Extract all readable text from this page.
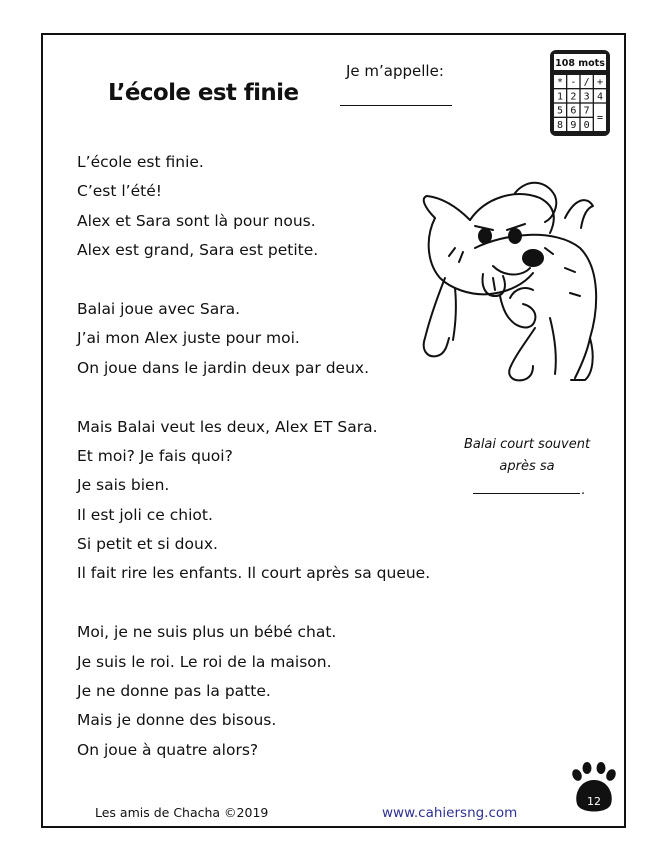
L’école est finie
Je m’appelle:	108 mots
* - / +
1 2 3 4
5 6 7
=
8 9 0
L’école est finie.
C’est l’été!
Alex et Sara sont là pour nous.
Alex est grand, Sara est petite.
Balai joue avec Sara.
J’ai mon Alex juste pour moi.
On joue dans le jardin deux par deux.
Mais Balai veut les deux, Alex ET Sara.
Et moi? Je fais quoi?
Je sais bien.
Il est joli ce chiot.
Si petit et si doux.
Il fait rire les enfants. Il court après sa queue.
Moi, je ne suis plus un bébé chat.
Je suis le roi. Le roi de la maison.
Je ne donne pas la patte.
Mais je donne des bisous.
On joue à quatre alors?
Balai court souvent
après sa
.
Les amis de Chacha ©2019	www.cahiersng.com
12
